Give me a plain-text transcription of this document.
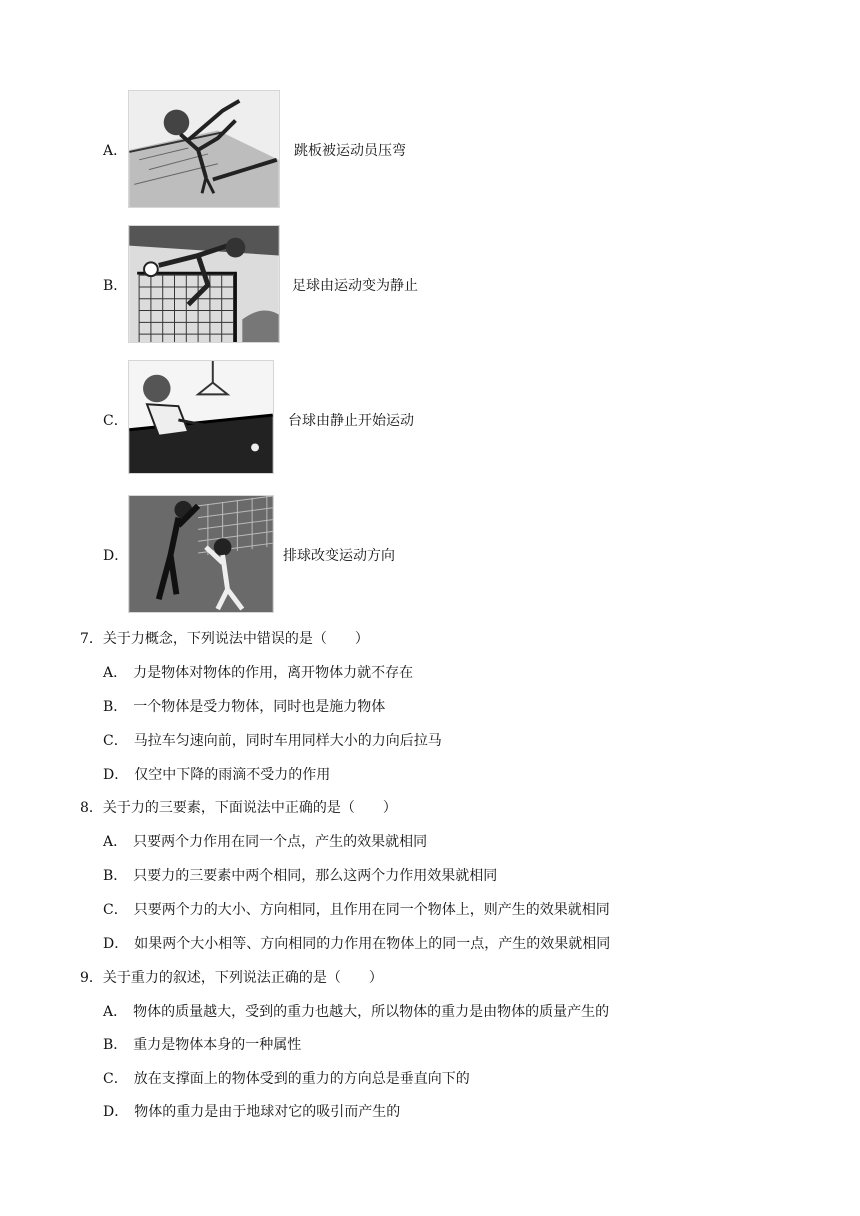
A．	跳板被运动员压弯
B．	足球由运动变为静止
C．	台球由静止开始运动
D．	排球改变运动方向
7．关于力概念，下列说法中错误的是（　　）
A． 力是物体对物体的作用，离开物体力就不存在
B． 一个物体是受力物体，同时也是施力物体
C． 马拉车匀速向前，同时车用同样大小的力向后拉马
D． 仅空中下降的雨滴不受力的作用
8．关于力的三要素，下面说法中正确的是（　　）
A． 只要两个力作用在同一个点，产生的效果就相同
B． 只要力的三要素中两个相同，那么这两个力作用效果就相同
C． 只要两个力的大小、方向相同，且作用在同一个物体上，则产生的效果就相同
D． 如果两个大小相等、方向相同的力作用在物体上的同一点，产生的效果就相同
9．关于重力的叙述，下列说法正确的是（　　）
A． 物体的质量越大，受到的重力也越大，所以物体的重力是由物体的质量产生的
B． 重力是物体本身的一种属性
C． 放在支撑面上的物体受到的重力的方向总是垂直向下的
D． 物体的重力是由于地球对它的吸引而产生的
